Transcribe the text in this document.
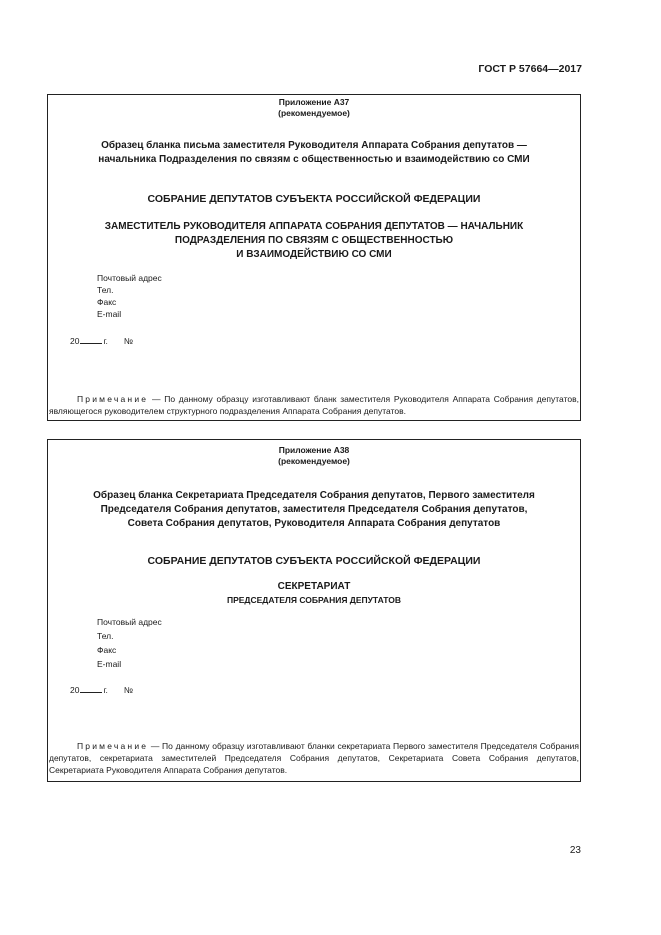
ГОСТ Р 57664—2017
Приложение А37
(рекомендуемое)
Образец бланка письма заместителя Руководителя Аппарата Собрания депутатов —
начальника Подразделения по связям с общественностью и взаимодействию со СМИ
СОБРАНИЕ ДЕПУТАТОВ СУБЪЕКТА РОССИЙСКОЙ ФЕДЕРАЦИИ
ЗАМЕСТИТЕЛЬ РУКОВОДИТЕЛЯ АППАРАТА СОБРАНИЯ ДЕПУТАТОВ — НАЧАЛЬНИК
ПОДРАЗДЕЛЕНИЯ ПО СВЯЗЯМ С ОБЩЕСТВЕННОСТЬЮ
И ВЗАИМОДЕЙСТВИЮ СО СМИ
Почтовый адрес
Тел.
Факс
E-mail
20	г. №
Примечание — По данному образцу изготавливают бланк заместителя Руководителя Аппарата Собрания депутатов, являющегося руководителем структурного подразделения Аппарата Собрания депутатов.
Приложение А38
(рекомендуемое)
Образец бланка Секретариата Председателя Собрания депутатов, Первого заместителя
Председателя Собрания депутатов, заместителя Председателя Собрания депутатов,
Совета Собрания депутатов, Руководителя Аппарата Собрания депутатов
СОБРАНИЕ ДЕПУТАТОВ СУБЪЕКТА РОССИЙСКОЙ ФЕДЕРАЦИИ
СЕКРЕТАРИАТ
ПРЕДСЕДАТЕЛЯ СОБРАНИЯ ДЕПУТАТОВ
Почтовый адрес
Тел.
Факс
E-mail
20	г. №
Примечание — По данному образцу изготавливают бланки секретариата Первого заместителя Председателя Собрания депутатов, секретариата заместителей Председателя Собрания депутатов, Секретариата Совета Собрания депутатов, Секретариата Руководителя Аппарата Собрания депутатов.
23
